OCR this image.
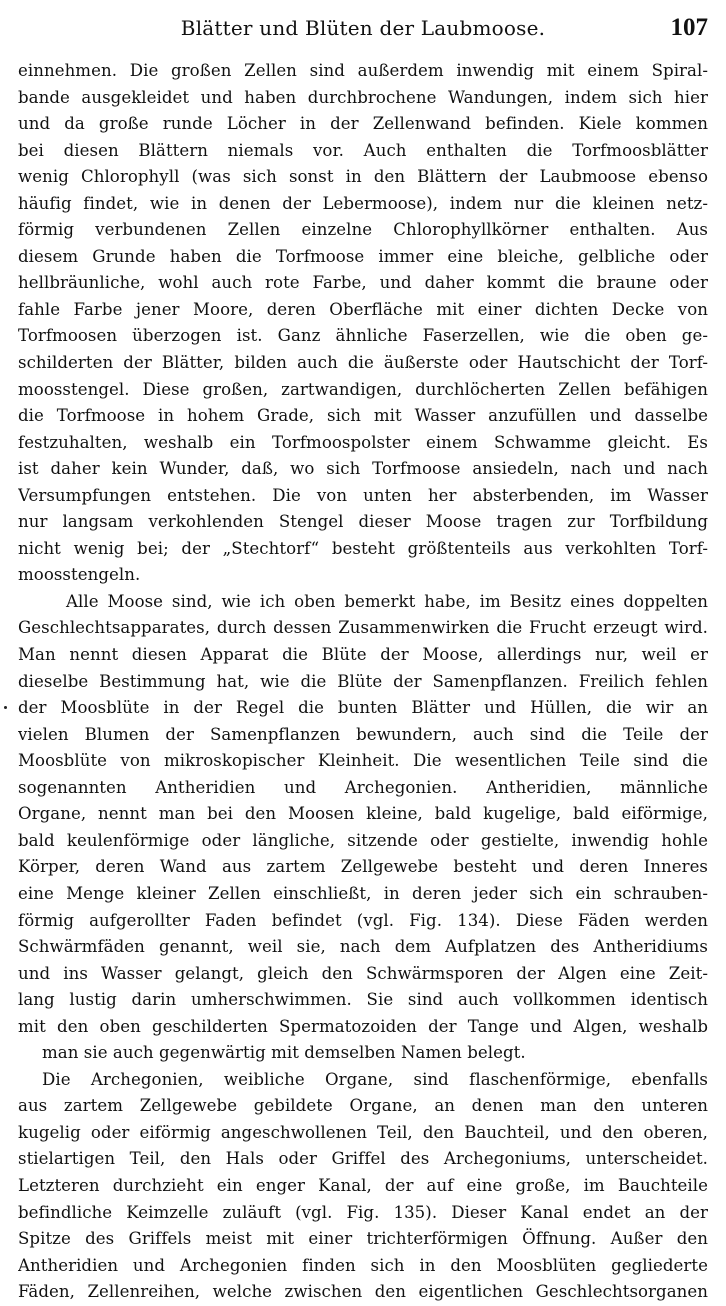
Blätter und Blüten der Laubmoose.	107
einnehmen. Die großen Zellen sind außerdem inwendig mit einem Spiral-
bande ausgekleidet und haben durchbrochene Wandungen, indem sich hier
und da große runde Löcher in der Zellenwand befinden. Kiele kommen
bei diesen Blättern niemals vor. Auch enthalten die Torfmoosblätter
wenig Chlorophyll (was sich sonst in den Blättern der Laubmoose ebenso
häufig findet, wie in denen der Lebermoose), indem nur die kleinen netz-
förmig verbundenen Zellen einzelne Chlorophyllkörner enthalten. Aus
diesem Grunde haben die Torfmoose immer eine bleiche, gelbliche oder
hellbräunliche, wohl auch rote Farbe, und daher kommt die braune oder
fahle Farbe jener Moore, deren Oberfläche mit einer dichten Decke von
Torfmoosen überzogen ist. Ganz ähnliche Faserzellen, wie die oben ge-
schilderten der Blätter, bilden auch die äußerste oder Hautschicht der Torf-
moosstengel. Diese großen, zartwandigen, durchlöcherten Zellen befähigen
die Torfmoose in hohem Grade, sich mit Wasser anzufüllen und dasselbe
festzuhalten, weshalb ein Torfmoospolster einem Schwamme gleicht. Es
ist daher kein Wunder, daß, wo sich Torfmoose ansiedeln, nach und nach
Versumpfungen entstehen. Die von unten her absterbenden, im Wasser
nur langsam verkohlenden Stengel dieser Moose tragen zur Torfbildung
nicht wenig bei; der „Stechtorf“ besteht größtenteils aus verkohlten Torf-
moosstengeln.
Alle Moose sind, wie ich oben bemerkt habe, im Besitz eines doppelten
Geschlechtsapparates, durch dessen Zusammenwirken die Frucht erzeugt wird.
Man nennt diesen Apparat die Blüte der Moose, allerdings nur, weil er
dieselbe Bestimmung hat, wie die Blüte der Samenpflanzen. Freilich fehlen
der Moosblüte in der Regel die bunten Blätter und Hüllen, die wir an
vielen Blumen der Samenpflanzen bewundern, auch sind die Teile der
Moosblüte von mikroskopischer Kleinheit. Die wesentlichen Teile sind die
sogenannten Antheridien und Archegonien. Antheridien, männliche
Organe, nennt man bei den Moosen kleine, bald kugelige, bald eiförmige,
bald keulenförmige oder längliche, sitzende oder gestielte, inwendig hohle
Körper, deren Wand aus zartem Zellgewebe besteht und deren Inneres
eine Menge kleiner Zellen einschließt, in deren jeder sich ein schrauben-
förmig aufgerollter Faden befindet (vgl. Fig. 134). Diese Fäden werden
Schwärmfäden genannt, weil sie, nach dem Aufplatzen des Antheridiums
und ins Wasser gelangt, gleich den Schwärmsporen der Algen eine Zeit-
lang lustig darin umherschwimmen. Sie sind auch vollkommen identisch
mit den oben geschilderten Spermatozoiden der Tange und Algen, weshalb
man sie auch gegenwärtig mit demselben Namen belegt.
Die Archegonien, weibliche Organe, sind flaschenförmige, ebenfalls
aus zartem Zellgewebe gebildete Organe, an denen man den unteren
kugelig oder eiförmig angeschwollenen Teil, den Bauchteil, und den oberen,
stielartigen Teil, den Hals oder Griffel des Archegoniums, unterscheidet.
Letzteren durchzieht ein enger Kanal, der auf eine große, im Bauchteile
befindliche Keimzelle zuläuft (vgl. Fig. 135). Dieser Kanal endet an der
Spitze des Griffels meist mit einer trichterförmigen Öffnung. Außer den
Antheridien und Archegonien finden sich in den Moosblüten gegliederte
Fäden, Zellenreihen, welche zwischen den eigentlichen Geschlechtsorganen
